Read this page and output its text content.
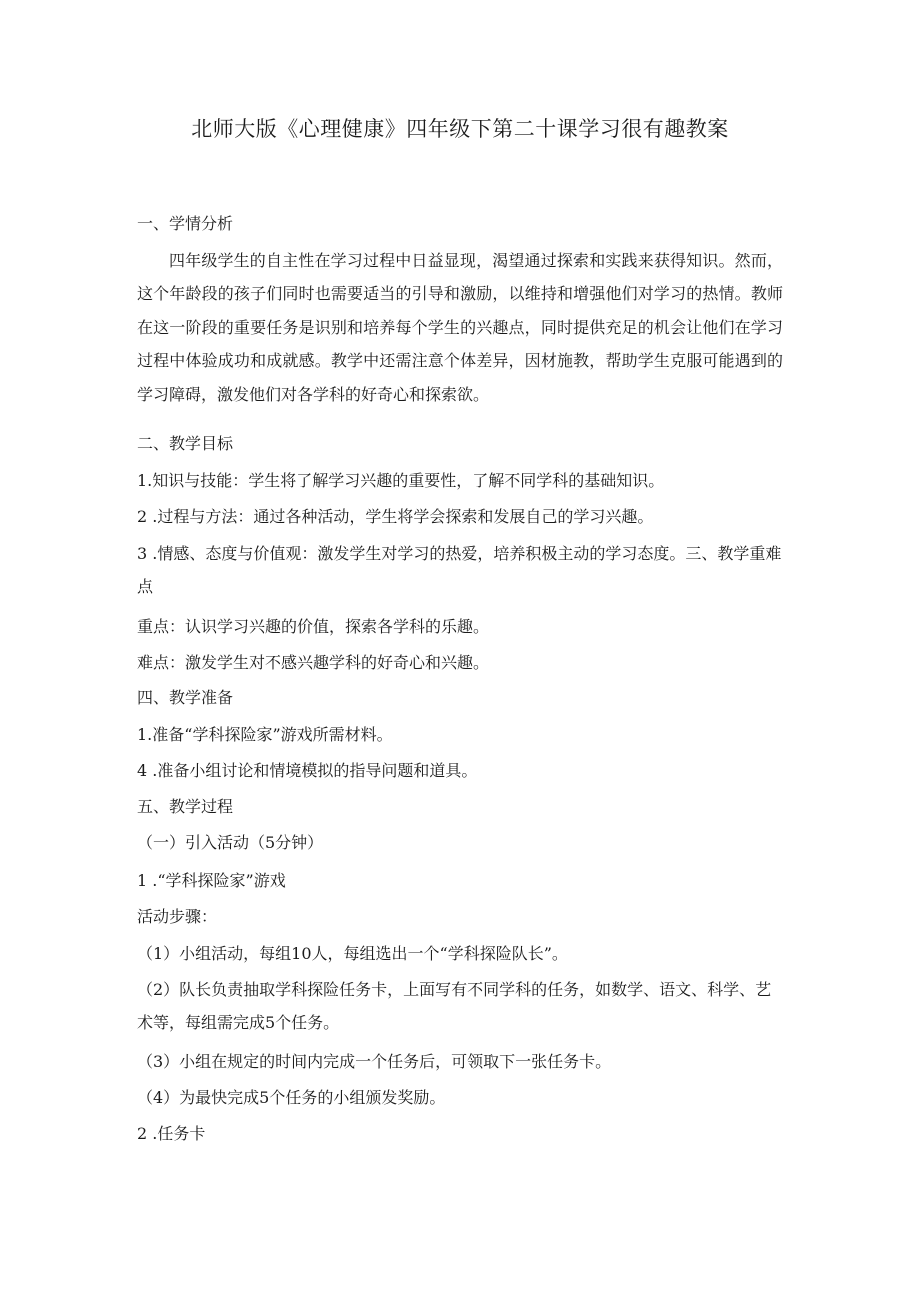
北师大版《心理健康》四年级下第二十课学习很有趣教案
一、学情分析
四年级学生的自主性在学习过程中日益显现，渴望通过探索和实践来获得知识。然而，这个年龄段的孩子们同时也需要适当的引导和激励，以维持和增强他们对学习的热情。教师在这一阶段的重要任务是识别和培养每个学生的兴趣点，同时提供充足的机会让他们在学习过程中体验成功和成就感。教学中还需注意个体差异，因材施教，帮助学生克服可能遇到的学习障碍，激发他们对各学科的好奇心和探索欲。
二、教学目标
1.知识与技能：学生将了解学习兴趣的重要性，了解不同学科的基础知识。
2 .过程与方法：通过各种活动，学生将学会探索和发展自己的学习兴趣。
3 .情感、态度与价值观：激发学生对学习的热爱，培养积极主动的学习态度。三、教学重难点
重点：认识学习兴趣的价值，探索各学科的乐趣。
难点：激发学生对不感兴趣学科的好奇心和兴趣。
四、教学准备
1.准备“学科探险家”游戏所需材料。
4 .准备小组讨论和情境模拟的指导问题和道具。
五、教学过程
（一）引入活动（5分钟）
1 .“学科探险家”游戏
活动步骤：
（1）小组活动，每组10人，每组选出一个“学科探险队长”。
（2）队长负责抽取学科探险任务卡，上面写有不同学科的任务，如数学、语文、科学、艺术等，每组需完成5个任务。
（3）小组在规定的时间内完成一个任务后，可领取下一张任务卡。
（4）为最快完成5个任务的小组颁发奖励。
2 .任务卡
